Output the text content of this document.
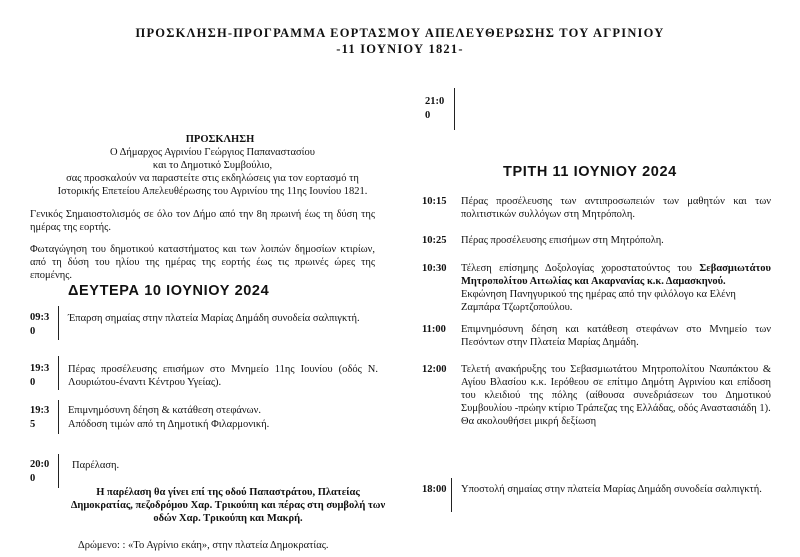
ΠΡΟΣΚΛΗΣΗ-ΠΡΟΓΡΑΜΜΑ ΕΟΡΤΑΣΜΟΥ ΑΠΕΛΕΥΘΕΡΩΣΗΣ ΤΟΥ ΑΓΡΙΝΙΟΥ
-11 ΙΟΥΝΙΟΥ 1821-
21:0
0
ΠΡΟΣΚΛΗΣΗ
Ο Δήμαρχος Αγρινίου Γεώργιος Παπαναστασίου
και το Δημοτικό Συμβούλιο,
σας προσκαλούν να παραστείτε στις εκδηλώσεις για τον εορτασμό τη
Ιστορικής Επετείου Απελευθέρωσης του Αγρινίου της 11ης Ιουνίου 1821.
Γενικός Σημαιοστολισμός σε όλο τον Δήμο από την 8η πρωινή έως τη δύση της ημέρας της εορτής.
Φωταγώγηση του δημοτικού καταστήματος και των λοιπών δημοσίων κτιρίων, από τη δύση του ηλίου της ημέρας της εορτής έως τις πρωινές ώρες της επομένης.
ΔΕΥΤΕΡΑ 10 ΙΟΥΝΙΟΥ 2024
09:3
0
Έπαρση σημαίας στην πλατεία Μαρίας Δημάδη συνοδεία σαλπιγκτή.
19:3
0
Πέρας προσέλευσης επισήμων στο Μνημείο 11ης Ιουνίου (οδός Ν. Λουριώτου-έναντι Κέντρου Υγείας).
19:3
5
Επιμνημόσυνη δέηση & κατάθεση στεφάνων.
Απόδοση τιμών από τη Δημοτική Φιλαρμονική.
20:0
0
Παρέλαση.
Η παρέλαση θα γίνει επί της οδού Παπαστράτου, Πλατείας Δημοκρατίας, πεζοδρόμου Χαρ. Τρικούπη και πέρας στη συμβολή των οδών Χαρ. Τρικούπη και Μακρή.
Δρώμενο: : «Το Αγρίνιο εκάη», στην πλατεία Δημοκρατίας.
ΤΡΙΤΗ 11 ΙΟΥΝΙΟΥ 2024
10:15 Πέρας προσέλευσης των αντιπροσωπειών των μαθητών και των πολιτιστικών συλλόγων στη Μητρόπολη.
10:25 Πέρας προσέλευσης επισήμων στη Μητρόπολη.
10:30 Τέλεση επίσημης Δοξολογίας χοροστατούντος του Σεβασμιωτάτου Μητροπολίτου Αιτωλίας και Ακαρνανίας κ.κ. Δαμασκηνού.
Εκφώνηση Πανηγυρικού της ημέρας από την φιλόλογο κα Ελένη Ζαμπάρα Τζωρτζοπούλου.
11:00 Επιμνημόσυνη δέηση και κατάθεση στεφάνων στο Μνημείο των Πεσόντων στην Πλατεία Μαρίας Δημάδη.
12:00 Τελετή ανακήρυξης του Σεβασμιωτάτου Μητροπολίτου Ναυπάκτου & Αγίου Βλασίου κ.κ. Ιερόθεου σε επίτιμο Δημότη Αγρινίου και επίδοση του κλειδιού της πόλης (αίθουσα συνεδριάσεων του Δημοτικού Συμβουλίου -πρώην κτίριο Τράπεζας της Ελλάδας, οδός Αναστασιάδη 1).
Θα ακολουθήσει μικρή δεξίωση
18:00 Υποστολή σημαίας στην πλατεία Μαρίας Δημάδη συνοδεία σαλπιγκτή.
